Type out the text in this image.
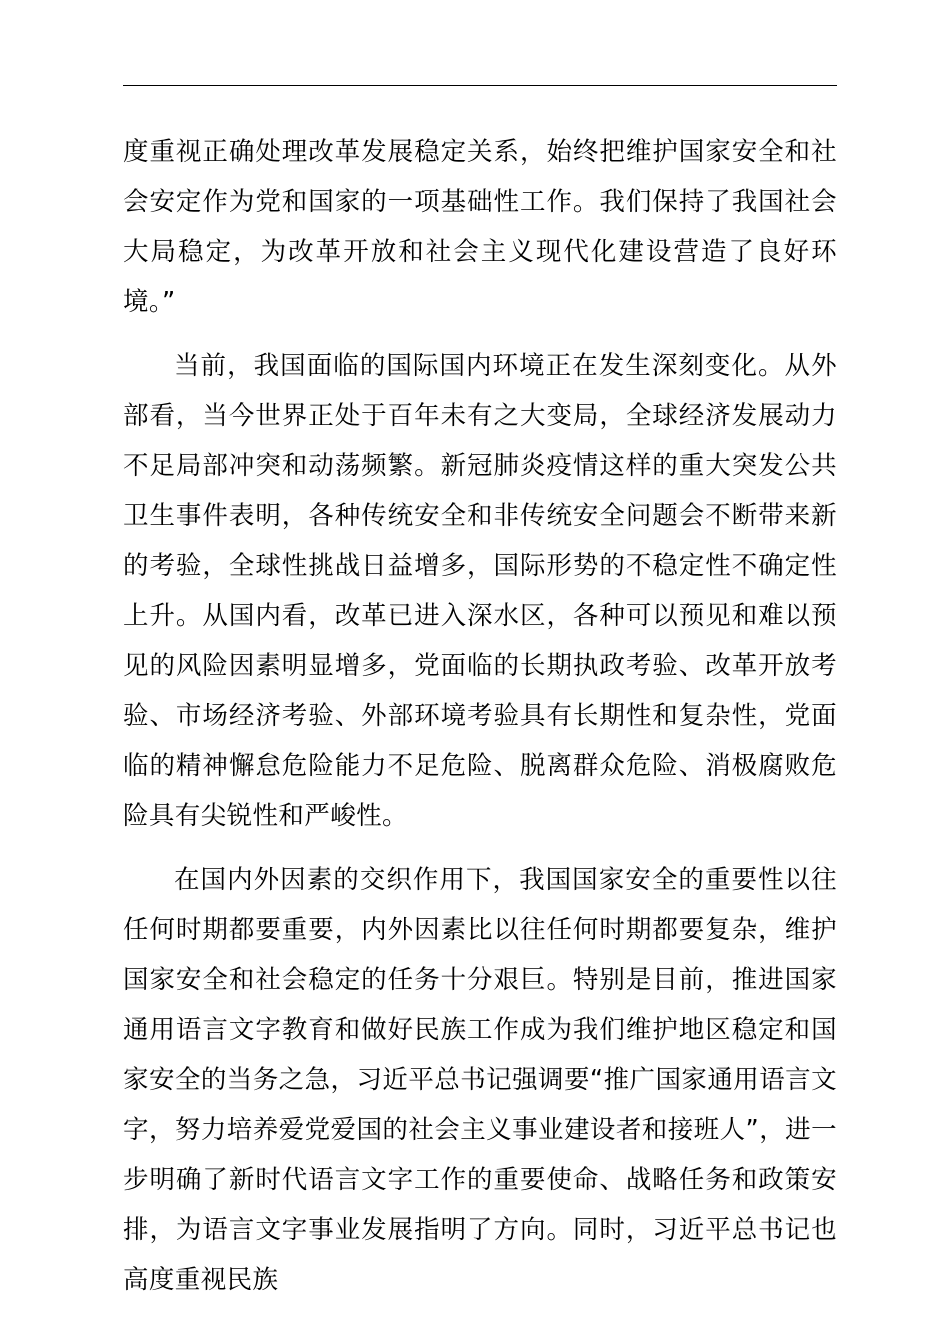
度重视正确处理改革发展稳定关系，始终把维护国家安全和社会安定作为党和国家的一项基础性工作。我们保持了我国社会大局稳定，为改革开放和社会主义现代化建设营造了良好环境。”

当前，我国面临的国际国内环境正在发生深刻变化。从外部看，当今世界正处于百年未有之大变局，全球经济发展动力不足局部冲突和动荡频繁。新冠肺炎疫情这样的重大突发公共卫生事件表明，各种传统安全和非传统安全问题会不断带来新的考验，全球性挑战日益增多，国际形势的不稳定性不确定性上升。从国内看，改革已进入深水区，各种可以预见和难以预见的风险因素明显增多，党面临的长期执政考验、改革开放考验、市场经济考验、外部环境考验具有长期性和复杂性，党面临的精神懈怠危险能力不足危险、脱离群众危险、消极腐败危险具有尖锐性和严峻性。

在国内外因素的交织作用下，我国国家安全的重要性以往任何时期都要重要，内外因素比以往任何时期都要复杂，维护国家安全和社会稳定的任务十分艰巨。特别是目前，推进国家通用语言文字教育和做好民族工作成为我们维护地区稳定和国家安全的当务之急，习近平总书记强调要“推广国家通用语言文字，努力培养爱党爱国的社会主义事业建设者和接班人”，进一步明确了新时代语言文字工作的重要使命、战略任务和政策安排，为语言文字事业发展指明了方向。同时，习近平总书记也高度重视民族
